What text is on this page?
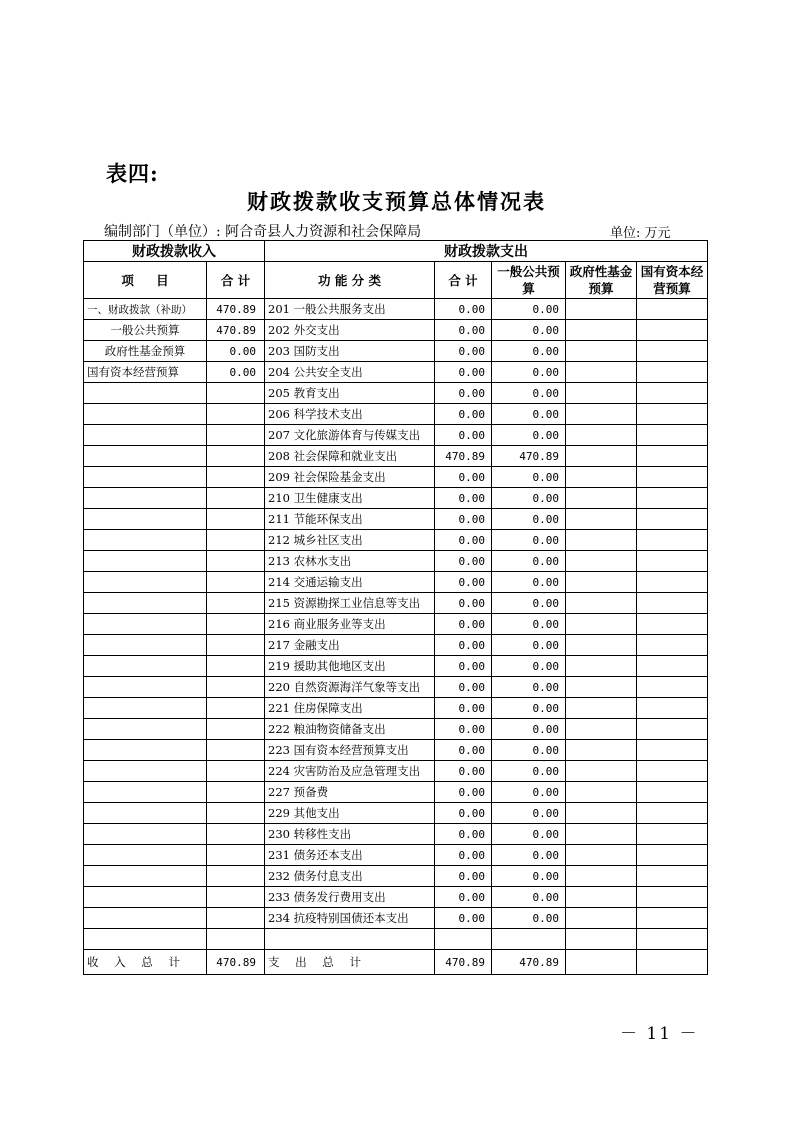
表四:
财政拨款收支预算总体情况表
编制部门（单位）: 阿合奇县人力资源和社会保障局	单位: 万元
财政拨款收入		财政拨款支出				
项 目	合 计	功 能 分 类	合 计	一般公共预算	政府性基金预算	国有资本经营预算
一、财政拨款（补助）	470.89	201 一般公共服务支出	0.00	0.00		
一般公共预算	470.89	202 外交支出	0.00	0.00		
政府性基金预算	0.00	203 国防支出	0.00	0.00		
国有资本经营预算	0.00	204 公共安全支出	0.00	0.00		
		205 教育支出	0.00	0.00		
		206 科学技术支出	0.00	0.00		
		207 文化旅游体育与传媒支出	0.00	0.00		
		208 社会保障和就业支出	470.89	470.89		
		209 社会保险基金支出	0.00	0.00		
		210 卫生健康支出	0.00	0.00		
		211 节能环保支出	0.00	0.00		
		212 城乡社区支出	0.00	0.00		
		213 农林水支出	0.00	0.00		
		214 交通运输支出	0.00	0.00		
		215 资源勘探工业信息等支出	0.00	0.00		
		216 商业服务业等支出	0.00	0.00		
		217 金融支出	0.00	0.00		
		219 援助其他地区支出	0.00	0.00		
		220 自然资源海洋气象等支出	0.00	0.00		
		221 住房保障支出	0.00	0.00		
		222 粮油物资储备支出	0.00	0.00		
		223 国有资本经营预算支出	0.00	0.00		
		224 灾害防治及应急管理支出	0.00	0.00		
		227 预备费	0.00	0.00		
		229 其他支出	0.00	0.00		
		230 转移性支出	0.00	0.00		
		231 债务还本支出	0.00	0.00		
		232 债务付息支出	0.00	0.00		
		233 债务发行费用支出	0.00	0.00		
		234 抗疫特别国债还本支出	0.00	0.00		

收 入 总 计	470.89	支 出 总 计	470.89	470.89		
－ 11 －
